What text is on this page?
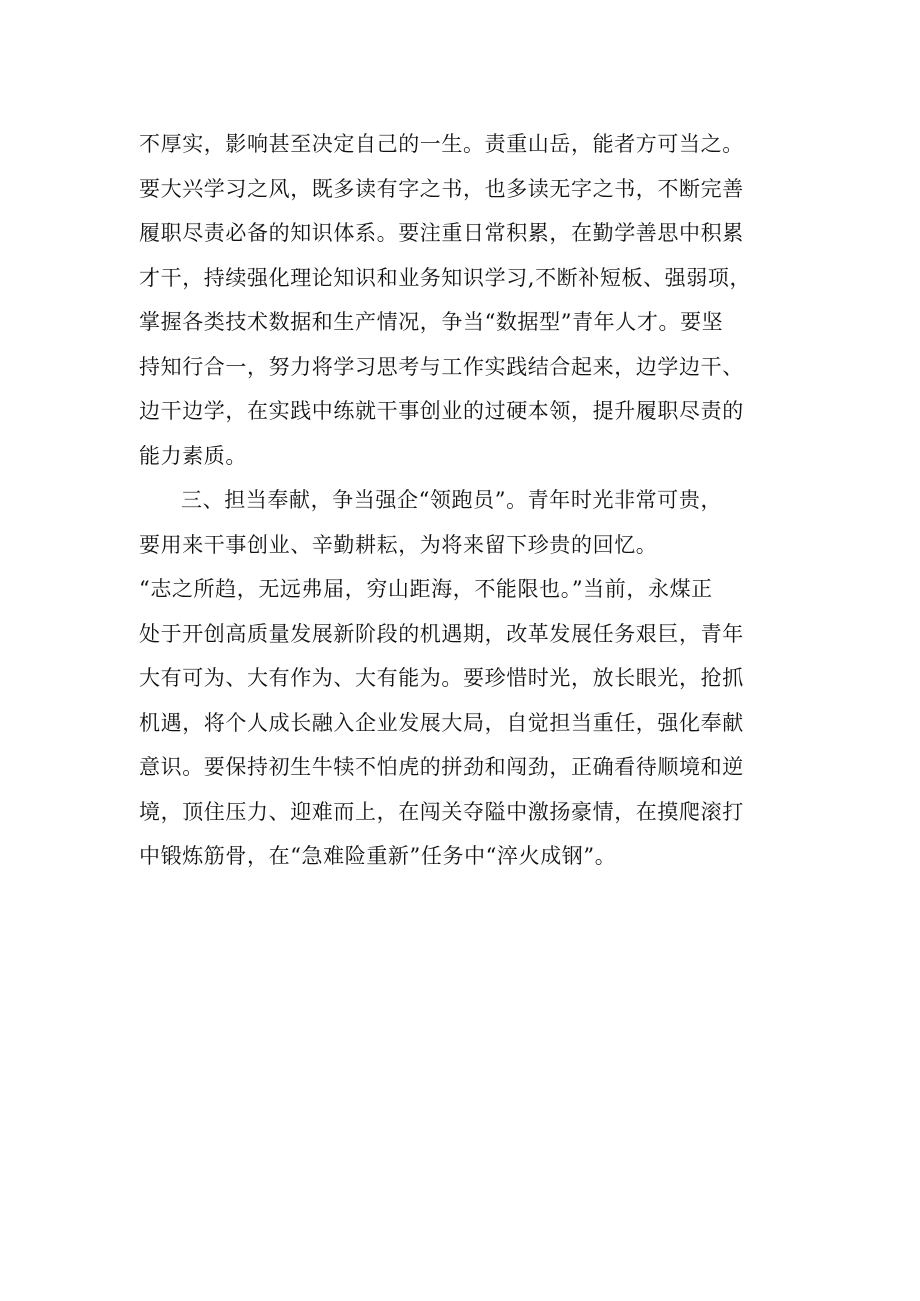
不厚实，影响甚至决定自己的一生。责重山岳，能者方可当之。
要大兴学习之风，既多读有字之书，也多读无字之书，不断完善
履职尽责必备的知识体系。要注重日常积累，在勤学善思中积累
才干，持续强化理论知识和业务知识学习,不断补短板、强弱项，
掌握各类技术数据和生产情况，争当“数据型”青年人才。要坚
持知行合一，努力将学习思考与工作实践结合起来，边学边干、
边干边学，在实践中练就干事创业的过硬本领，提升履职尽责的
能力素质。
三、担当奉献，争当强企“领跑员”。青年时光非常可贵，
要用来干事创业、辛勤耕耘，为将来留下珍贵的回忆。
“志之所趋，无远弗届，穷山距海，不能限也。”当前，永煤正
处于开创高质量发展新阶段的机遇期，改革发展任务艰巨，青年
大有可为、大有作为、大有能为。要珍惜时光，放长眼光，抢抓
机遇，将个人成长融入企业发展大局，自觉担当重任，强化奉献
意识。要保持初生牛犊不怕虎的拼劲和闯劲，正确看待顺境和逆
境，顶住压力、迎难而上，在闯关夺隘中激扬豪情，在摸爬滚打
中锻炼筋骨，在“急难险重新”任务中“淬火成钢”。
